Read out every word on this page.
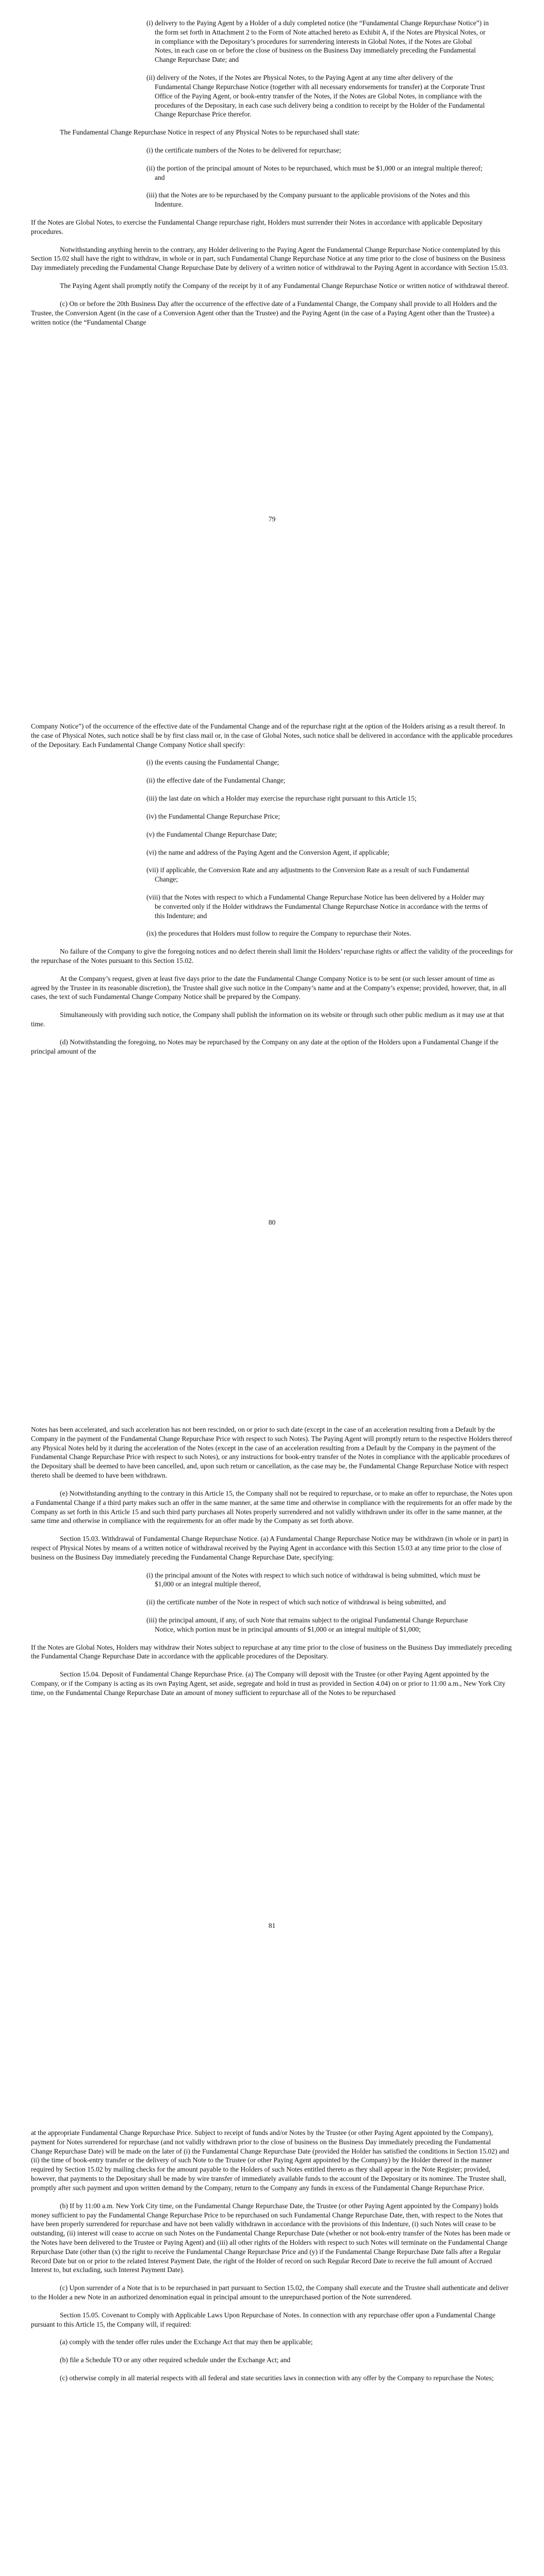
(i) delivery to the Paying Agent by a Holder of a duly completed notice (the “Fundamental Change Repurchase Notice”) in the form set forth in Attachment 2 to the Form of Note attached hereto as Exhibit A, if the Notes are Physical Notes, or in compliance with the Depositary’s procedures for surrendering interests in Global Notes, if the Notes are Global Notes, in each case on or before the close of business on the Business Day immediately preceding the Fundamental Change Repurchase Date; and

(ii) delivery of the Notes, if the Notes are Physical Notes, to the Paying Agent at any time after delivery of the Fundamental Change Repurchase Notice (together with all necessary endorsements for transfer) at the Corporate Trust Office of the Paying Agent, or book-entry transfer of the Notes, if the Notes are Global Notes, in compliance with the procedures of the Depositary, in each case such delivery being a condition to receipt by the Holder of the Fundamental Change Repurchase Price therefor.

The Fundamental Change Repurchase Notice in respect of any Physical Notes to be repurchased shall state:

(i) the certificate numbers of the Notes to be delivered for repurchase;

(ii) the portion of the principal amount of Notes to be repurchased, which must be $1,000 or an integral multiple thereof; and

(iii) that the Notes are to be repurchased by the Company pursuant to the applicable provisions of the Notes and this Indenture.

If the Notes are Global Notes, to exercise the Fundamental Change repurchase right, Holders must surrender their Notes in accordance with applicable Depositary procedures.

Notwithstanding anything herein to the contrary, any Holder delivering to the Paying Agent the Fundamental Change Repurchase Notice contemplated by this Section 15.02 shall have the right to withdraw, in whole or in part, such Fundamental Change Repurchase Notice at any time prior to the close of business on the Business Day immediately preceding the Fundamental Change Repurchase Date by delivery of a written notice of withdrawal to the Paying Agent in accordance with Section 15.03.

The Paying Agent shall promptly notify the Company of the receipt by it of any Fundamental Change Repurchase Notice or written notice of withdrawal thereof.

(c) On or before the 20th Business Day after the occurrence of the effective date of a Fundamental Change, the Company shall provide to all Holders and the Trustee, the Conversion Agent (in the case of a Conversion Agent other than the Trustee) and the Paying Agent (in the case of a Paying Agent other than the Trustee) a written notice (the “Fundamental Change

79

Company Notice”) of the occurrence of the effective date of the Fundamental Change and of the repurchase right at the option of the Holders arising as a result thereof. In the case of Physical Notes, such notice shall be by first class mail or, in the case of Global Notes, such notice shall be delivered in accordance with the applicable procedures of the Depositary. Each Fundamental Change Company Notice shall specify:

(i) the events causing the Fundamental Change;

(ii) the effective date of the Fundamental Change;

(iii) the last date on which a Holder may exercise the repurchase right pursuant to this Article 15;

(iv) the Fundamental Change Repurchase Price;

(v) the Fundamental Change Repurchase Date;

(vi) the name and address of the Paying Agent and the Conversion Agent, if applicable;

(vii) if applicable, the Conversion Rate and any adjustments to the Conversion Rate as a result of such Fundamental Change;

(viii) that the Notes with respect to which a Fundamental Change Repurchase Notice has been delivered by a Holder may be converted only if the Holder withdraws the Fundamental Change Repurchase Notice in accordance with the terms of this Indenture; and

(ix) the procedures that Holders must follow to require the Company to repurchase their Notes.

No failure of the Company to give the foregoing notices and no defect therein shall limit the Holders’ repurchase rights or affect the validity of the proceedings for the repurchase of the Notes pursuant to this Section 15.02.

At the Company’s request, given at least five days prior to the date the Fundamental Change Company Notice is to be sent (or such lesser amount of time as agreed by the Trustee in its reasonable discretion), the Trustee shall give such notice in the Company’s name and at the Company’s expense; provided, however, that, in all cases, the text of such Fundamental Change Company Notice shall be prepared by the Company.

Simultaneously with providing such notice, the Company shall publish the information on its website or through such other public medium as it may use at that time.

(d) Notwithstanding the foregoing, no Notes may be repurchased by the Company on any date at the option of the Holders upon a Fundamental Change if the principal amount of the

80

Notes has been accelerated, and such acceleration has not been rescinded, on or prior to such date (except in the case of an acceleration resulting from a Default by the Company in the payment of the Fundamental Change Repurchase Price with respect to such Notes). The Paying Agent will promptly return to the respective Holders thereof any Physical Notes held by it during the acceleration of the Notes (except in the case of an acceleration resulting from a Default by the Company in the payment of the Fundamental Change Repurchase Price with respect to such Notes), or any instructions for book-entry transfer of the Notes in compliance with the applicable procedures of the Depositary shall be deemed to have been cancelled, and, upon such return or cancellation, as the case may be, the Fundamental Change Repurchase Notice with respect thereto shall be deemed to have been withdrawn.

(e) Notwithstanding anything to the contrary in this Article 15, the Company shall not be required to repurchase, or to make an offer to repurchase, the Notes upon a Fundamental Change if a third party makes such an offer in the same manner, at the same time and otherwise in compliance with the requirements for an offer made by the Company as set forth in this Article 15 and such third party purchases all Notes properly surrendered and not validly withdrawn under its offer in the same manner, at the same time and otherwise in compliance with the requirements for an offer made by the Company as set forth above.

Section 15.03. Withdrawal of Fundamental Change Repurchase Notice. (a) A Fundamental Change Repurchase Notice may be withdrawn (in whole or in part) in respect of Physical Notes by means of a written notice of withdrawal received by the Paying Agent in accordance with this Section 15.03 at any time prior to the close of business on the Business Day immediately preceding the Fundamental Change Repurchase Date, specifying:

(i) the principal amount of the Notes with respect to which such notice of withdrawal is being submitted, which must be $1,000 or an integral multiple thereof,

(ii) the certificate number of the Note in respect of which such notice of withdrawal is being submitted, and

(iii) the principal amount, if any, of such Note that remains subject to the original Fundamental Change Repurchase Notice, which portion must be in principal amounts of $1,000 or an integral multiple of $1,000;

If the Notes are Global Notes, Holders may withdraw their Notes subject to repurchase at any time prior to the close of business on the Business Day immediately preceding the Fundamental Change Repurchase Date in accordance with the applicable procedures of the Depositary.

Section 15.04. Deposit of Fundamental Change Repurchase Price. (a) The Company will deposit with the Trustee (or other Paying Agent appointed by the Company, or if the Company is acting as its own Paying Agent, set aside, segregate and hold in trust as provided in Section 4.04) on or prior to 11:00 a.m., New York City time, on the Fundamental Change Repurchase Date an amount of money sufficient to repurchase all of the Notes to be repurchased

81

at the appropriate Fundamental Change Repurchase Price. Subject to receipt of funds and/or Notes by the Trustee (or other Paying Agent appointed by the Company), payment for Notes surrendered for repurchase (and not validly withdrawn prior to the close of business on the Business Day immediately preceding the Fundamental Change Repurchase Date) will be made on the later of (i) the Fundamental Change Repurchase Date (provided the Holder has satisfied the conditions in Section 15.02) and (ii) the time of book-entry transfer or the delivery of such Note to the Trustee (or other Paying Agent appointed by the Company) by the Holder thereof in the manner required by Section 15.02 by mailing checks for the amount payable to the Holders of such Notes entitled thereto as they shall appear in the Note Register; provided, however, that payments to the Depositary shall be made by wire transfer of immediately available funds to the account of the Depositary or its nominee. The Trustee shall, promptly after such payment and upon written demand by the Company, return to the Company any funds in excess of the Fundamental Change Repurchase Price.

(b) If by 11:00 a.m. New York City time, on the Fundamental Change Repurchase Date, the Trustee (or other Paying Agent appointed by the Company) holds money sufficient to pay the Fundamental Change Repurchase Price to be repurchased on such Fundamental Change Repurchase Date, then, with respect to the Notes that have been properly surrendered for repurchase and have not been validly withdrawn in accordance with the provisions of this Indenture, (i) such Notes will cease to be outstanding, (ii) interest will cease to accrue on such Notes on the Fundamental Change Repurchase Date (whether or not book-entry transfer of the Notes has been made or the Notes have been delivered to the Trustee or Paying Agent) and (iii) all other rights of the Holders with respect to such Notes will terminate on the Fundamental Change Repurchase Date (other than (x) the right to receive the Fundamental Change Repurchase Price and (y) if the Fundamental Change Repurchase Date falls after a Regular Record Date but on or prior to the related Interest Payment Date, the right of the Holder of record on such Regular Record Date to receive the full amount of Accrued Interest to, but excluding, such Interest Payment Date).

(c) Upon surrender of a Note that is to be repurchased in part pursuant to Section 15.02, the Company shall execute and the Trustee shall authenticate and deliver to the Holder a new Note in an authorized denomination equal in principal amount to the unrepurchased portion of the Note surrendered.

Section 15.05. Covenant to Comply with Applicable Laws Upon Repurchase of Notes. In connection with any repurchase offer upon a Fundamental Change pursuant to this Article 15, the Company will, if required:

(a) comply with the tender offer rules under the Exchange Act that may then be applicable;

(b) file a Schedule TO or any other required schedule under the Exchange Act; and

(c) otherwise comply in all material respects with all federal and state securities laws in connection with any offer by the Company to repurchase the Notes;
